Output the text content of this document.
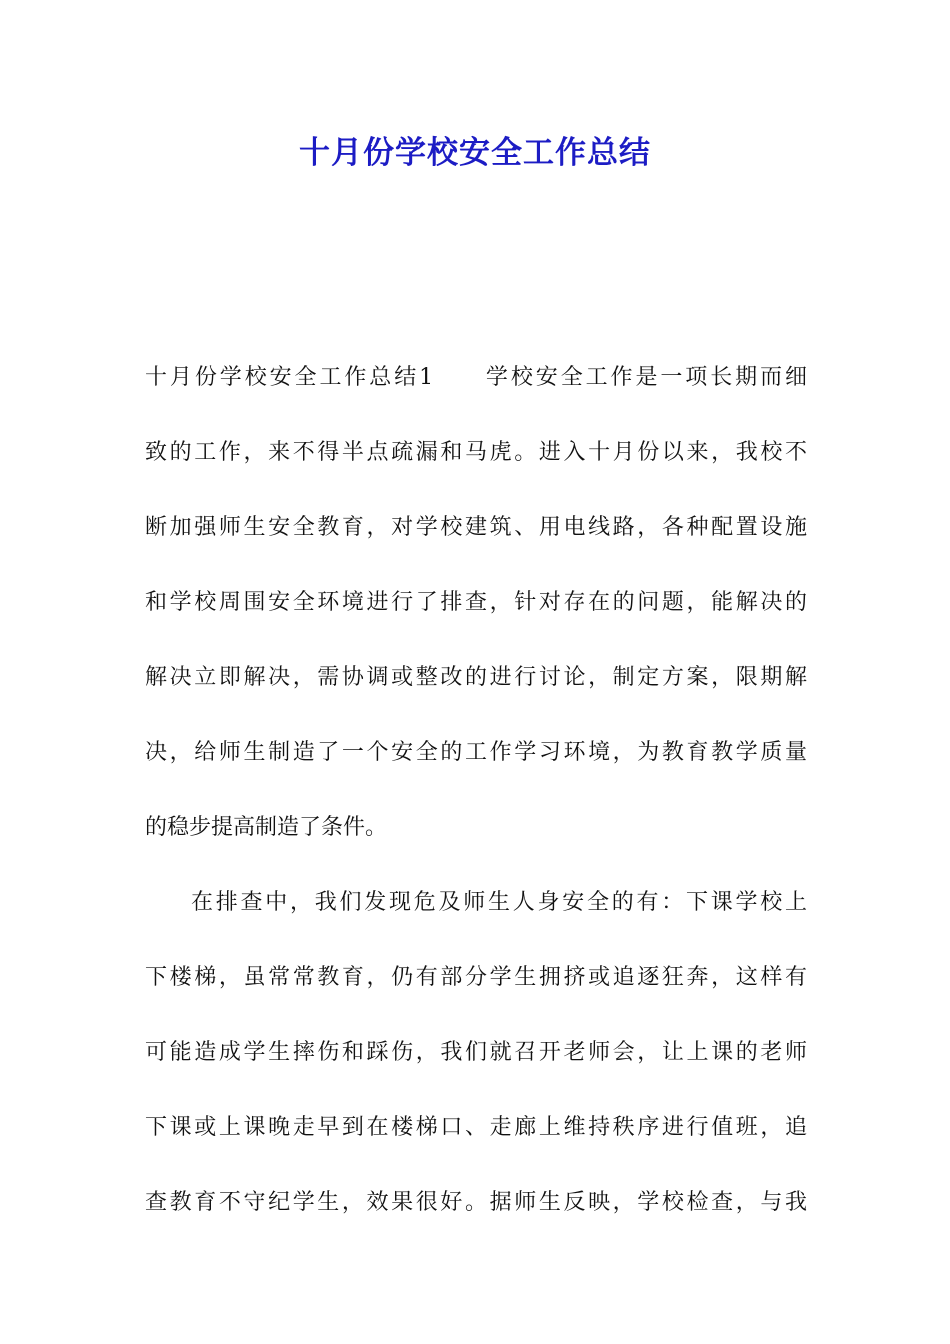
十月份学校安全工作总结

十月份学校安全工作总结1　　学校安全工作是一项长期而细
致的工作，来不得半点疏漏和马虎。进入十月份以来，我校不
断加强师生安全教育，对学校建筑、用电线路，各种配置设施
和学校周围安全环境进行了排查，针对存在的问题，能解决的
解决立即解决，需协调或整改的进行讨论，制定方案，限期解
决，给师生制造了一个安全的工作学习环境，为教育教学质量
的稳步提高制造了条件。

在排查中，我们发现危及师生人身安全的有：下课学校上
下楼梯，虽常常教育，仍有部分学生拥挤或追逐狂奔，这样有
可能造成学生摔伤和踩伤，我们就召开老师会，让上课的老师
下课或上课晚走早到在楼梯口、走廊上维持秩序进行值班，追
查教育不守纪学生，效果很好。据师生反映，学校检查，与我
